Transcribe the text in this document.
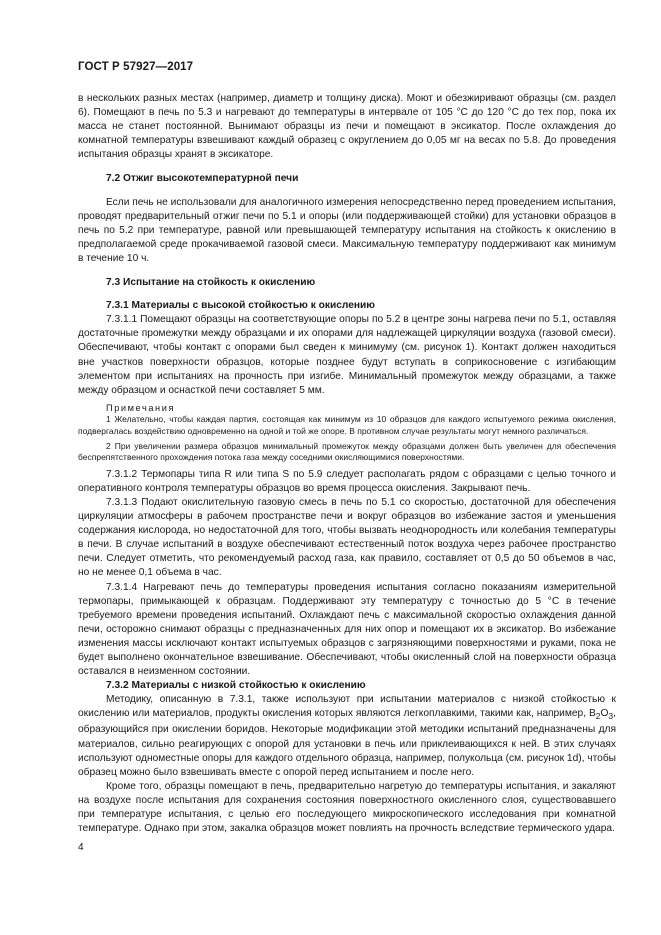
ГОСТ Р 57927—2017

в нескольких разных местах (например, диаметр и толщину диска). Моют и обезжиривают образцы (см. раздел 6). Помещают в печь по 5.3 и нагревают до температуры в интервале от 105 °С до 120 °С до тех пор, пока их масса не станет постоянной. Вынимают образцы из печи и помещают в эксикатор. После охлаждения до комнатной температуры взвешивают каждый образец с округлением до 0,05 мг на весах по 5.8. До проведения испытания образцы хранят в эксикаторе.

7.2 Отжиг высокотемпературной печи

Если печь не использовали для аналогичного измерения непосредственно перед проведением испытания, проводят предварительный отжиг печи по 5.1 и опоры (или поддерживающей стойки) для установки образцов в печь по 5.2 при температуре, равной или превышающей температуру испытания на стойкость к окислению в предполагаемой среде прокачиваемой газовой смеси. Максимальную температуру поддерживают как минимум в течение 10 ч.

7.3 Испытание на стойкость к окислению
7.3.1 Материалы с высокой стойкостью к окислению

7.3.1.1 Помещают образцы на соответствующие опоры по 5.2 в центре зоны нагрева печи по 5.1, оставляя достаточные промежутки между образцами и их опорами для надлежащей циркуляции воздуха (газовой смеси). Обеспечивают, чтобы контакт с опорами был сведен к минимуму (см. рисунок 1). Контакт должен находиться вне участков поверхности образцов, которые позднее будут вступать в соприкосновение с изгибающим элементом при испытаниях на прочность при изгибе. Минимальный промежуток между образцами, а также между образцом и оснасткой печи составляет 5 мм.

Примечания

1 Желательно, чтобы каждая партия, состоящая как минимум из 10 образцов для каждого испытуемого режима окисления, подвергалась воздействию одновременно на одной и той же опоре. В противном случае результаты могут немного различаться.

2 При увеличении размера образцов минимальный промежуток между образцами должен быть увеличен для обеспечения беспрепятственного прохождения потока газа между соседними окисляющимися поверхностями.

7.3.1.2 Термопары типа R или типа S по 5.9 следует располагать рядом с образцами с целью точного и оперативного контроля температуры образцов во время процесса окисления. Закрывают печь.

7.3.1.3 Подают окислительную газовую смесь в печь по 5.1 со скоростью, достаточной для обеспечения циркуляции атмосферы в рабочем пространстве печи и вокруг образцов во избежание застоя и уменьшения содержания кислорода, но недостаточной для того, чтобы вызвать неоднородность или колебания температуры в печи. В случае испытаний в воздухе обеспечивают естественный поток воздуха через рабочее пространство печи. Следует отметить, что рекомендуемый расход газа, как правило, составляет от 0,5 до 50 объемов в час, но не менее 0,1 объема в час.

7.3.1.4 Нагревают печь до температуры проведения испытания согласно показаниям измерительной термопары, примыкающей к образцам. Поддерживают эту температуру с точностью до 5 °С в течение требуемого времени проведения испытаний. Охлаждают печь с максимальной скоростью охлаждения данной печи, осторожно снимают образцы с предназначенных для них опор и помещают их в эксикатор. Во избежание изменения массы исключают контакт испытуемых образцов с загрязняющими поверхностями и руками, пока не будет выполнено окончательное взвешивание. Обеспечивают, чтобы окисленный слой на поверхности образца оставался в неизменном состоянии.

7.3.2 Материалы с низкой стойкостью к окислению

Методику, описанную в 7.3.1, также используют при испытании материалов с низкой стойкостью к окислению или материалов, продукты окисления которых являются легкоплавкими, такими как, например, $В_2О_3$, образующийся при окислении боридов. Некоторые модификации этой методики испытаний предназначены для материалов, сильно реагирующих с опорой для установки в печь или приклеивающихся к ней. В этих случаях используют одноместные опоры для каждого отдельного образца, например, полукольца (см. рисунок 1d), чтобы образец можно было взвешивать вместе с опорой перед испытанием и после него.

Кроме того, образцы помещают в печь, предварительно нагретую до температуры испытания, и закаляют на воздухе после испытания для сохранения состояния поверхностного окисленного слоя, существовавшего при температуре испытания, с целью его последующего микроскопического исследования при комнатной температуре. Однако при этом, закалка образцов может повлиять на прочность вследствие термического удара.

4
